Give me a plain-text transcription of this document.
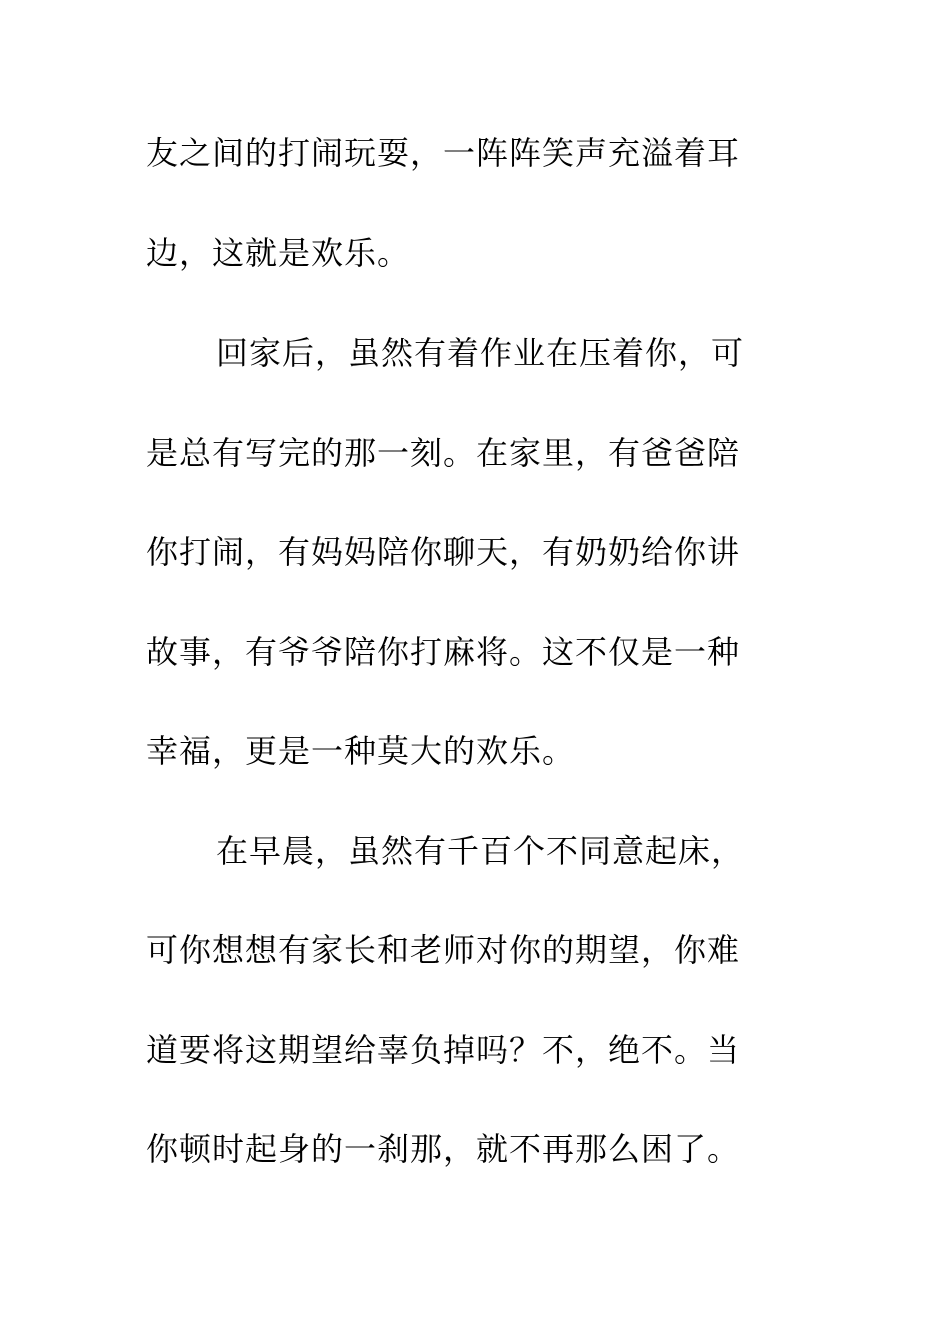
友之间的打闹玩耍，一阵阵笑声充溢着耳
边，这就是欢乐。
回家后，虽然有着作业在压着你，可
是总有写完的那一刻。在家里，有爸爸陪
你打闹，有妈妈陪你聊天，有奶奶给你讲
故事，有爷爷陪你打麻将。这不仅是一种
幸福，更是一种莫大的欢乐。
在早晨，虽然有千百个不同意起床，
可你想想有家长和老师对你的期望，你难
道要将这期望给辜负掉吗？不，绝不。当
你顿时起身的一刹那，就不再那么困了。
